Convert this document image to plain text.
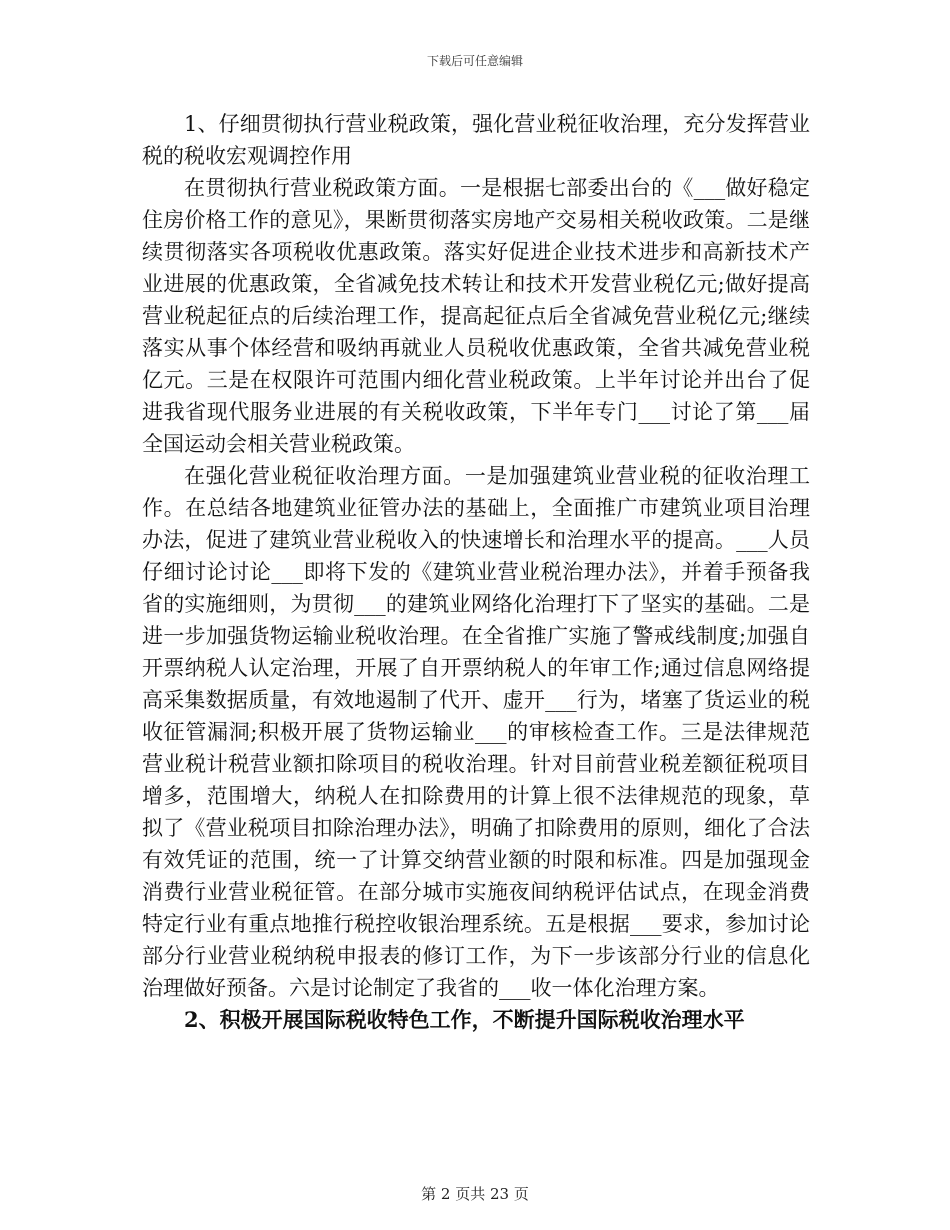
下载后可任意编辑

1、仔细贯彻执行营业税政策，强化营业税征收治理，充分发挥营业税的税收宏观调控作用

在贯彻执行营业税政策方面。一是根据七部委出台的《___做好稳定住房价格工作的意见》，果断贯彻落实房地产交易相关税收政策。二是继续贯彻落实各项税收优惠政策。落实好促进企业技术进步和高新技术产业进展的优惠政策，全省减免技术转让和技术开发营业税亿元;做好提高营业税起征点的后续治理工作，提高起征点后全省减免营业税亿元;继续落实从事个体经营和吸纳再就业人员税收优惠政策，全省共减免营业税亿元。三是在权限许可范围内细化营业税政策。上半年讨论并出台了促进我省现代服务业进展的有关税收政策，下半年专门___讨论了第___届全国运动会相关营业税政策。

在强化营业税征收治理方面。一是加强建筑业营业税的征收治理工作。在总结各地建筑业征管办法的基础上，全面推广市建筑业项目治理办法，促进了建筑业营业税收入的快速增长和治理水平的提高。___人员仔细讨论讨论___即将下发的《建筑业营业税治理办法》，并着手预备我省的实施细则，为贯彻___的建筑业网络化治理打下了坚实的基础。二是进一步加强货物运输业税收治理。在全省推广实施了警戒线制度;加强自开票纳税人认定治理，开展了自开票纳税人的年审工作;通过信息网络提高采集数据质量，有效地遏制了代开、虚开___行为，堵塞了货运业的税收征管漏洞;积极开展了货物运输业___的审核检查工作。三是法律规范营业税计税营业额扣除项目的税收治理。针对目前营业税差额征税项目增多，范围增大，纳税人在扣除费用的计算上很不法律规范的现象，草拟了《营业税项目扣除治理办法》，明确了扣除费用的原则，细化了合法有效凭证的范围，统一了计算交纳营业额的时限和标准。四是加强现金消费行业营业税征管。在部分城市实施夜间纳税评估试点，在现金消费特定行业有重点地推行税控收银治理系统。五是根据___要求，参加讨论部分行业营业税纳税申报表的修订工作，为下一步该部分行业的信息化治理做好预备。六是讨论制定了我省的___收一体化治理方案。

2、积极开展国际税收特色工作，不断提升国际税收治理水平

第 2 页共 23 页
